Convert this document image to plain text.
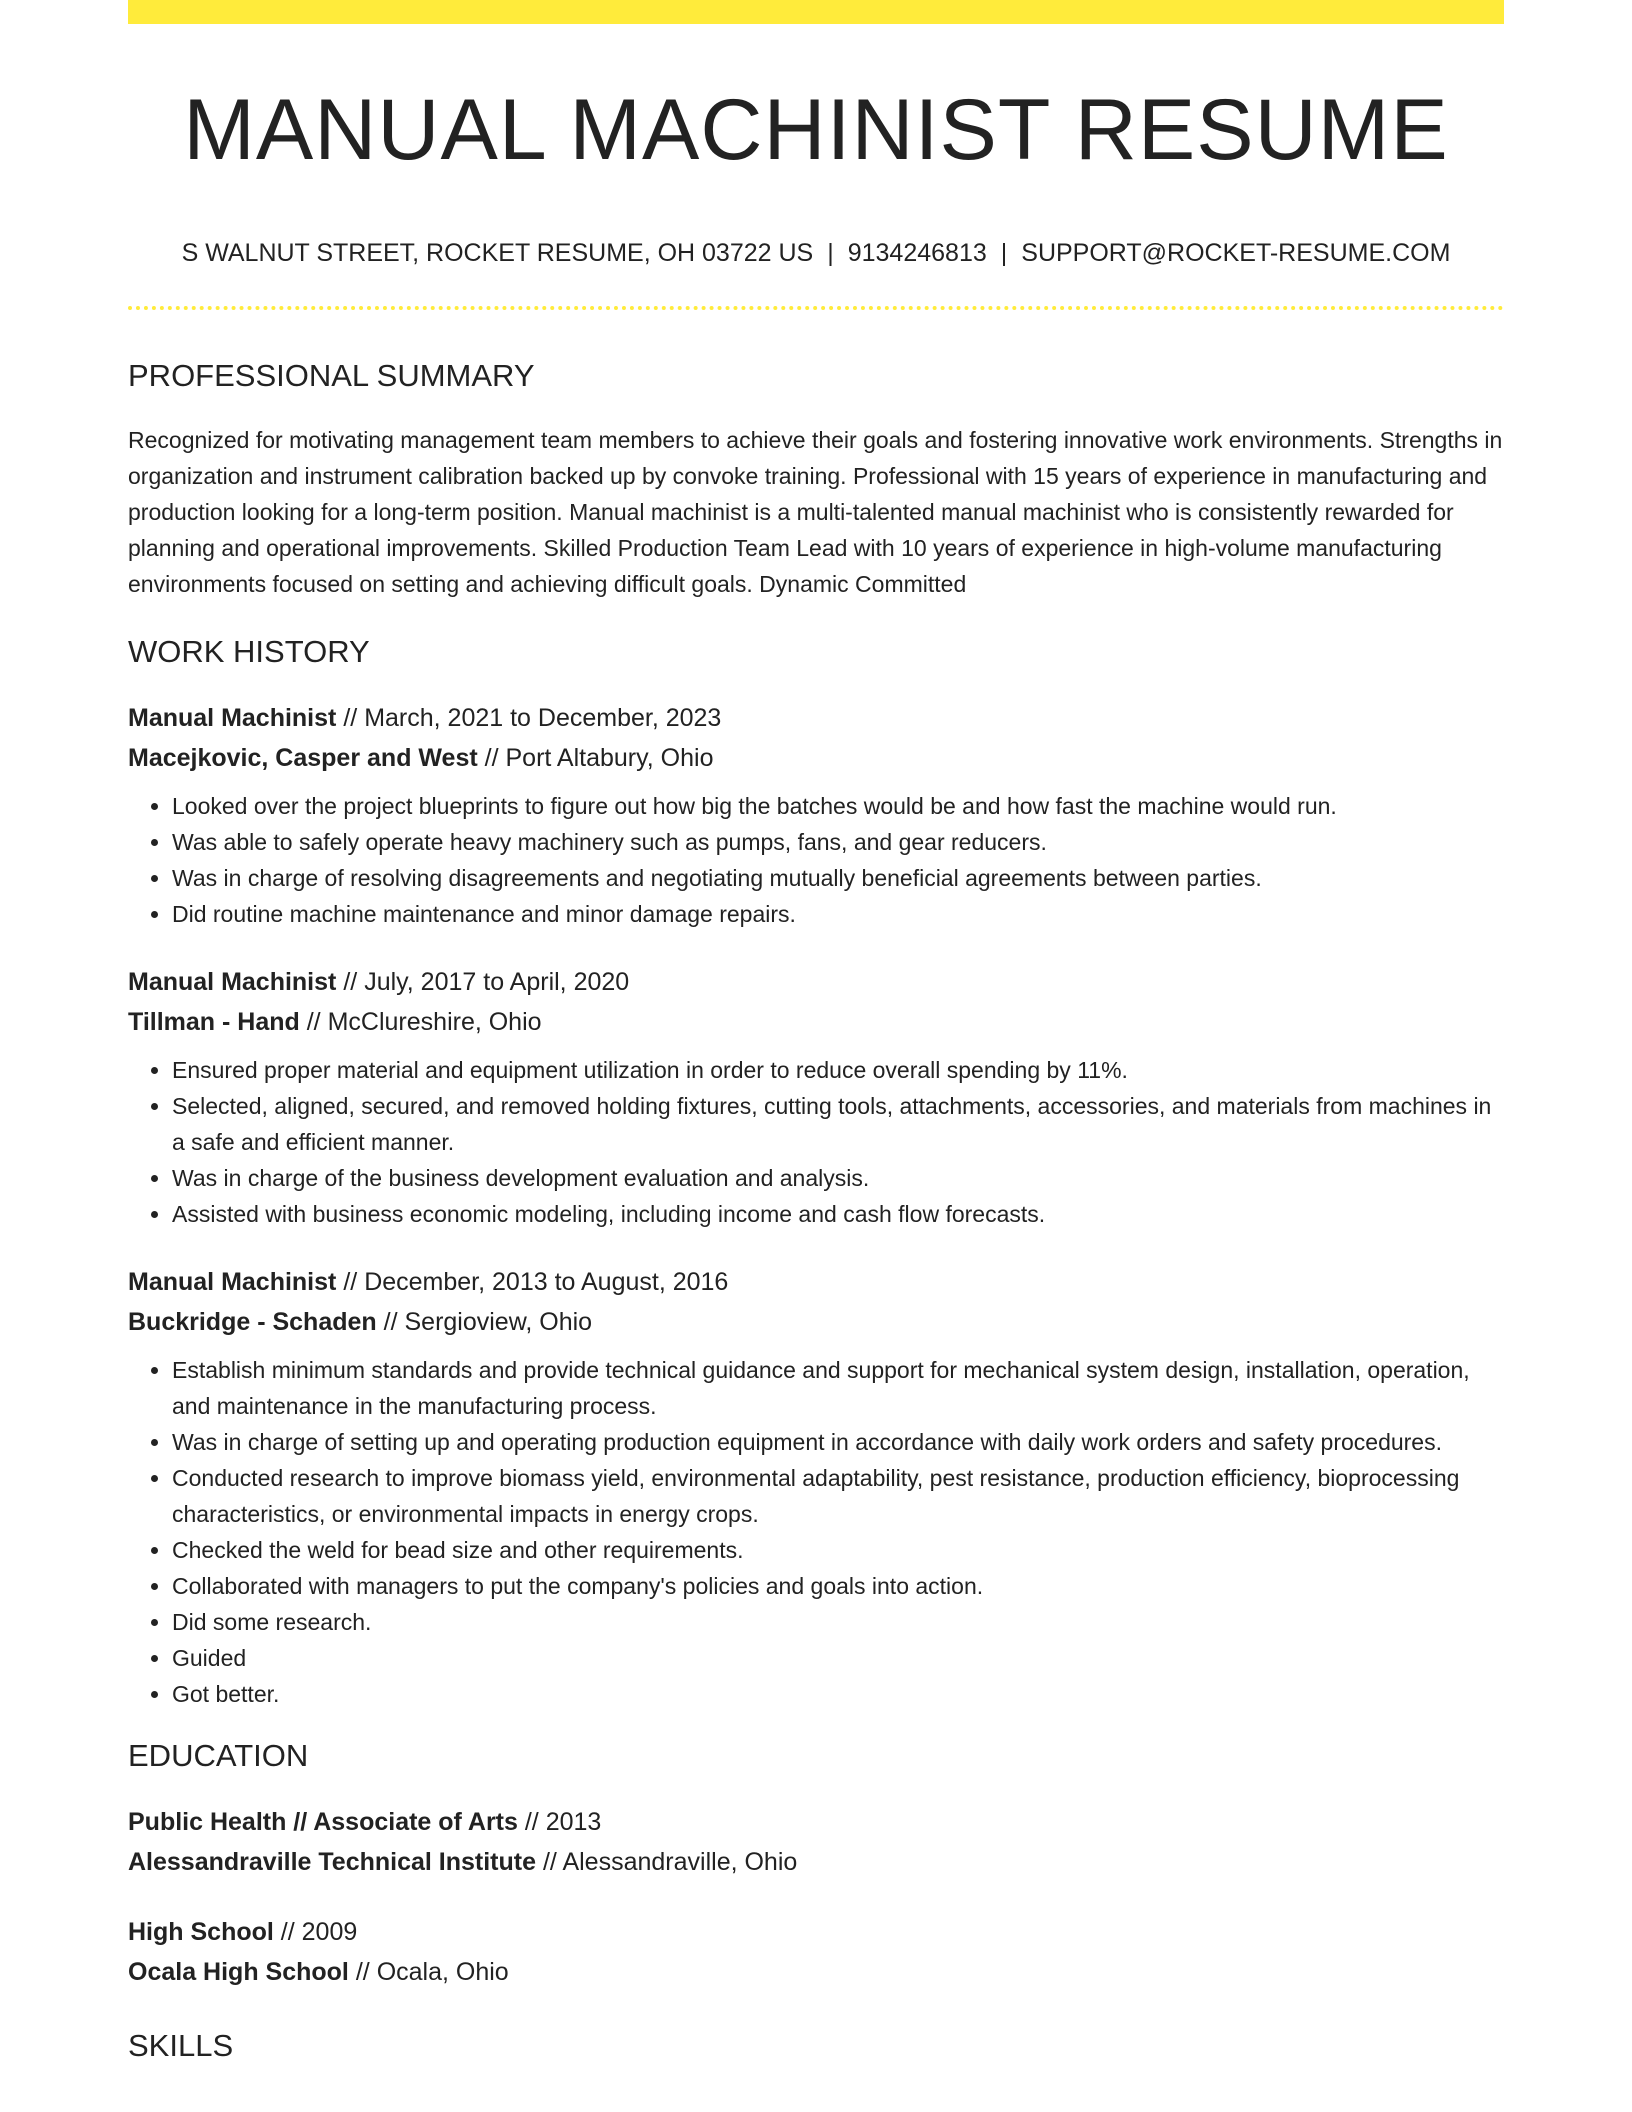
MANUAL MACHINIST RESUME
S WALNUT STREET, ROCKET RESUME, OH 03722 US | 9134246813 | SUPPORT@ROCKET-RESUME.COM
PROFESSIONAL SUMMARY

Recognized for motivating management team members to achieve their goals and fostering innovative work environments. Strengths in organization and instrument calibration backed up by convoke training. Professional with 15 years of experience in manufacturing and production looking for a long-term position. Manual machinist is a multi-talented manual machinist who is consistently rewarded for planning and operational improvements. Skilled Production Team Lead with 10 years of experience in high-volume manufacturing environments focused on setting and achieving difficult goals. Dynamic Committed

WORK HISTORY
Manual Machinist // March, 2021 to December, 2023
Macejkovic, Casper and West // Port Altabury, Ohio
• Looked over the project blueprints to figure out how big the batches would be and how fast the machine would run.
• Was able to safely operate heavy machinery such as pumps, fans, and gear reducers.
• Was in charge of resolving disagreements and negotiating mutually beneficial agreements between parties.
• Did routine machine maintenance and minor damage repairs.
Manual Machinist // July, 2017 to April, 2020
Tillman - Hand // McClureshire, Ohio
• Ensured proper material and equipment utilization in order to reduce overall spending by 11%.
• Selected, aligned, secured, and removed holding fixtures, cutting tools, attachments, accessories, and materials from machines in a safe and efficient manner.
• Was in charge of the business development evaluation and analysis.
• Assisted with business economic modeling, including income and cash flow forecasts.
Manual Machinist // December, 2013 to August, 2016
Buckridge - Schaden // Sergioview, Ohio
• Establish minimum standards and provide technical guidance and support for mechanical system design, installation, operation, and maintenance in the manufacturing process.
• Was in charge of setting up and operating production equipment in accordance with daily work orders and safety procedures.
• Conducted research to improve biomass yield, environmental adaptability, pest resistance, production efficiency, bioprocessing characteristics, or environmental impacts in energy crops.
• Checked the weld for bead size and other requirements.
• Collaborated with managers to put the company's policies and goals into action.
• Did some research.
• Guided
• Got better.
EDUCATION
Public Health // Associate of Arts // 2013
Alessandraville Technical Institute // Alessandraville, Ohio
High School // 2009
Ocala High School // Ocala, Ohio
SKILLS
